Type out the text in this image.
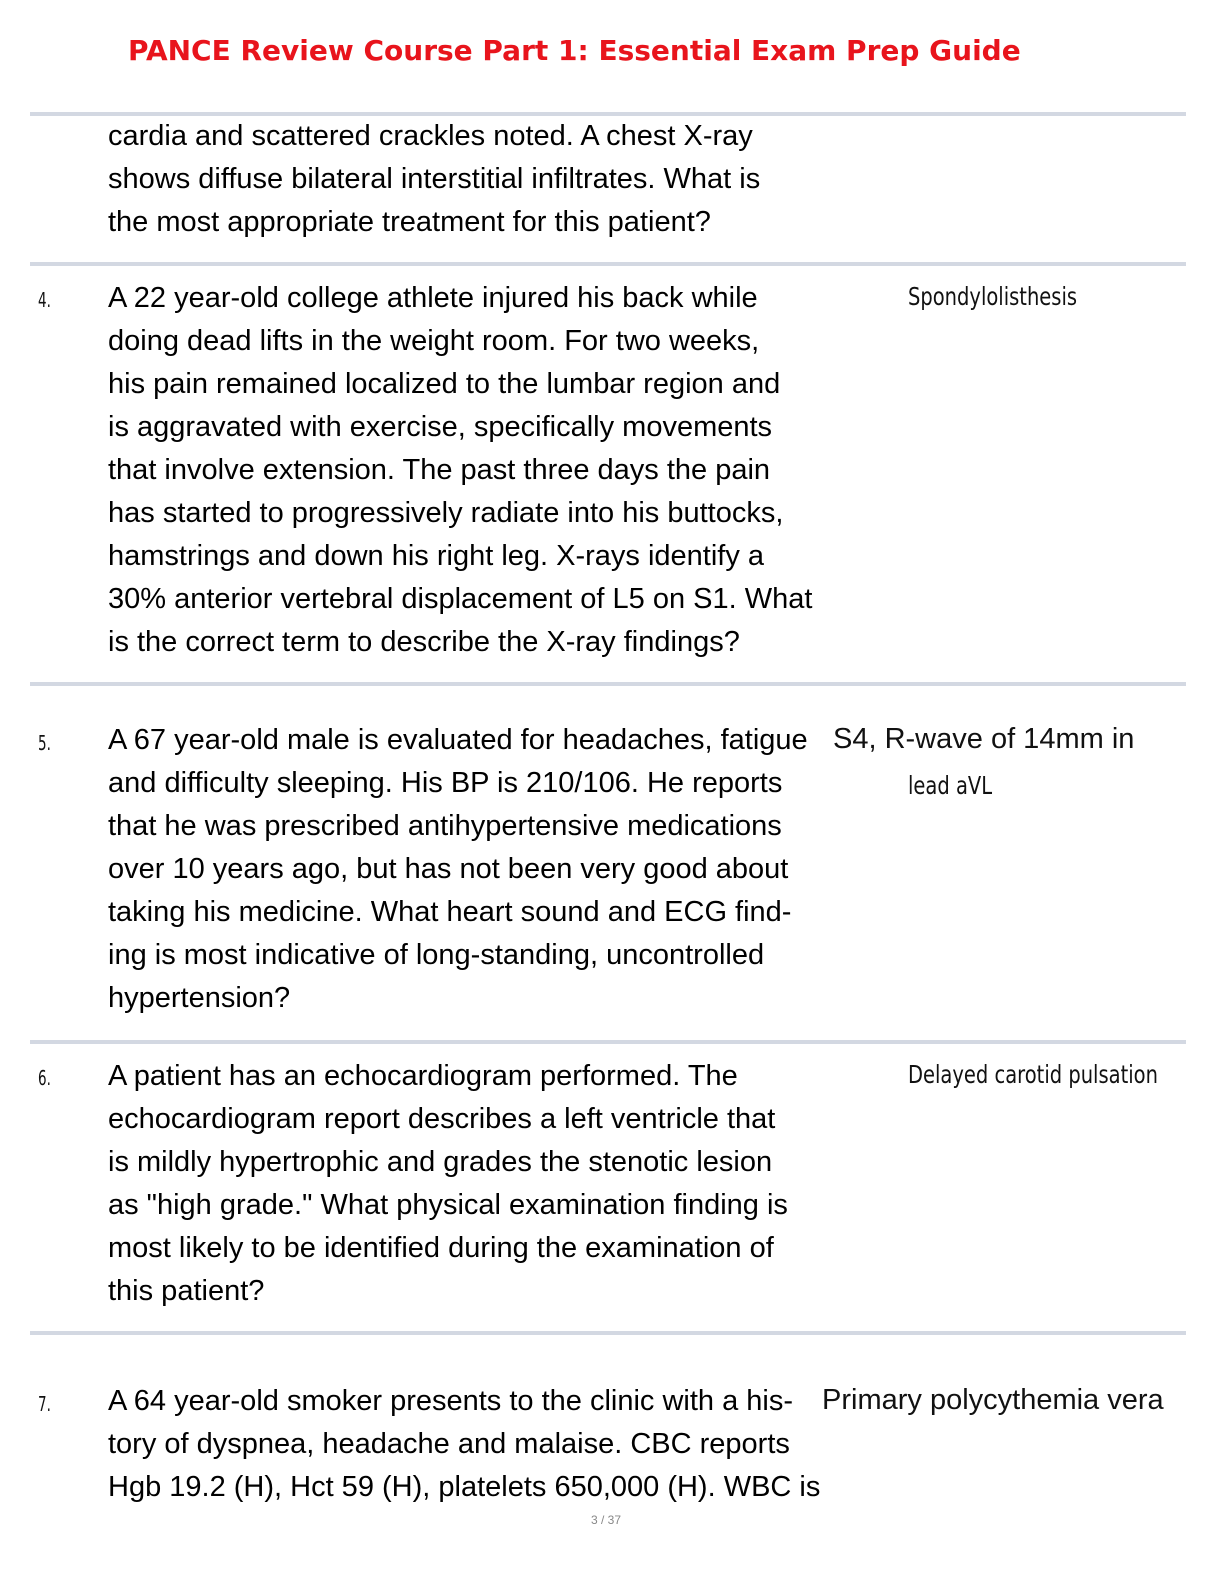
PANCE Review Course Part 1: Essential Exam Prep Guide
cardia and scattered crackles noted. A chest X-ray
shows diffuse bilateral interstitial infiltrates. What is
the most appropriate treatment for this patient?
4. A 22 year-old college athlete injured his back while
doing dead lifts in the weight room. For two weeks,
his pain remained localized to the lumbar region and
is aggravated with exercise, specifically movements
that involve extension. The past three days the pain
has started to progressively radiate into his buttocks,
hamstrings and down his right leg. X-rays identify a
30% anterior vertebral displacement of L5 on S1. What
is the correct term to describe the X-ray findings?
Spondylolisthesis
5. A 67 year-old male is evaluated for headaches, fatigue
and difficulty sleeping. His BP is 210/106. He reports
that he was prescribed antihypertensive medications
over 10 years ago, but has not been very good about
taking his medicine. What heart sound and ECG find-
ing is most indicative of long-standing, uncontrolled
hypertension?
S4, R-wave of 14mm in
lead aVL
6. A patient has an echocardiogram performed. The
echocardiogram report describes a left ventricle that
is mildly hypertrophic and grades the stenotic lesion
as "high grade." What physical examination finding is
most likely to be identified during the examination of
this patient?
Delayed carotid pulsation
7. A 64 year-old smoker presents to the clinic with a his-
tory of dyspnea, headache and malaise. CBC reports
Hgb 19.2 (H), Hct 59 (H), platelets 650,000 (H). WBC is
Primary polycythemia vera
3 / 37
